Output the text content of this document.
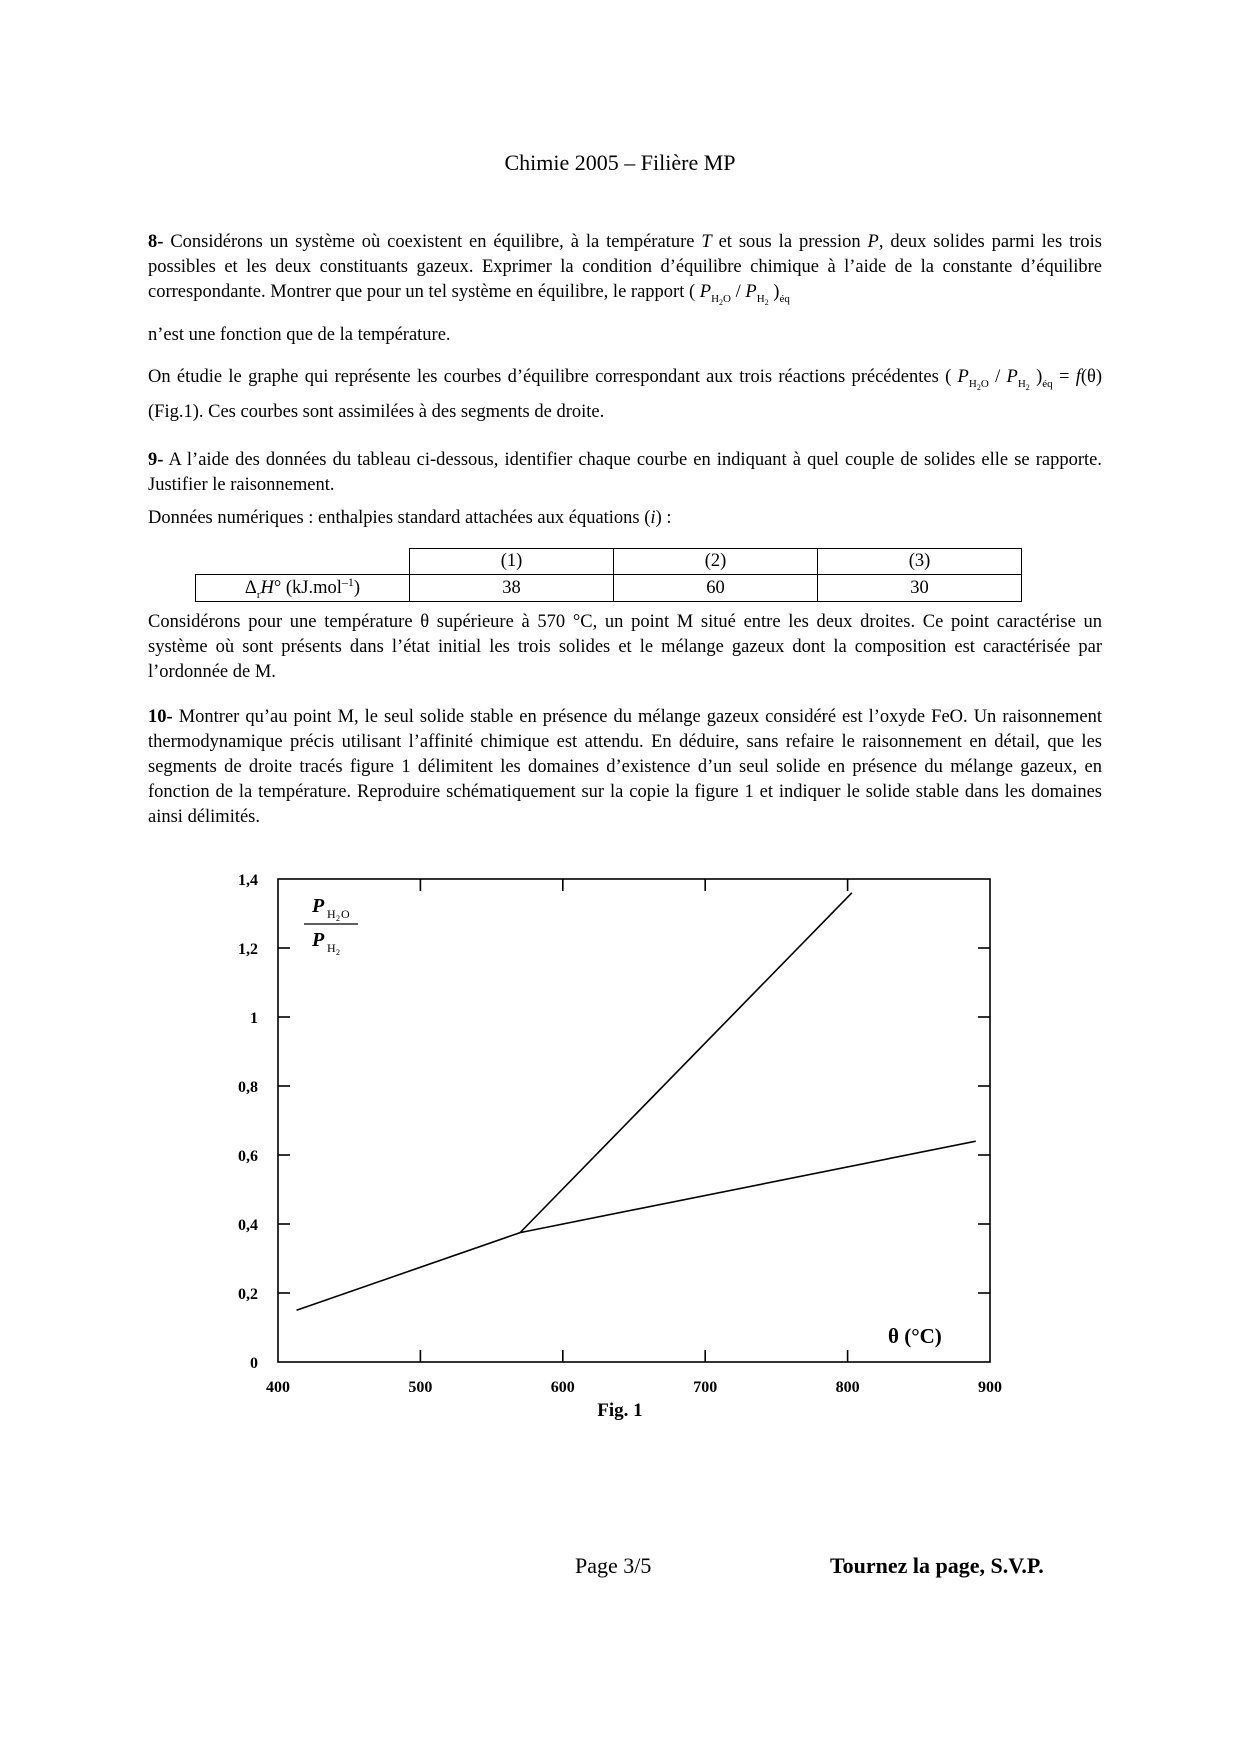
Chimie 2005 – Filière MP
8- Considérons un système où coexistent en équilibre, à la température T et sous la pression P, deux solides parmi les trois possibles et les deux constituants gazeux. Exprimer la condition d’équilibre chimique à l’aide de la constante d’équilibre correspondante. Montrer que pour un tel système en équilibre, le rapport ( $P_{H_2O} / P_{H_2}$ )$_{éq}$
n’est une fonction que de la température.
On étudie le graphe qui représente les courbes d’équilibre correspondant aux trois réactions précédentes ( $P_{H_2O} / P_{H_2}$ )$_{éq} = f(\theta)$ (Fig.1). Ces courbes sont assimilées à des segments de droite.
9- A l’aide des données du tableau ci-dessous, identifier chaque courbe en indiquant à quel couple de solides elle se rapporte. Justifier le raisonnement.
Données numériques : enthalpies standard attachées aux équations (i) :
	(1)	(2)	(3)
$\Delta_rH^\circ$ (kJ.mol$^{-1}$)	38	60	30
Considérons pour une température θ supérieure à 570 °C, un point M situé entre les deux droites. Ce point caractérise un système où sont présents dans l’état initial les trois solides et le mélange gazeux dont la composition est caractérisée par l’ordonnée de M.
10- Montrer qu’au point M, le seul solide stable en présence du mélange gazeux considéré est l’oxyde FeO. Un raisonnement thermodynamique précis utilisant l’affinité chimique est attendu. En déduire, sans refaire le raisonnement en détail, que les segments de droite tracés figure 1 délimitent les domaines d’existence d’un seul solide en présence du mélange gazeux, en fonction de la température. Reproduire schématiquement sur la copie la figure 1 et indiquer le solide stable dans les domaines ainsi délimités.
400	500	600	700	800	900
0
0,2
0,4
0,6
0,8
1
1,2
1,4
P H 2 O
P H 2
θ (°C)
Fig. 1
Page 3/5	Tournez la page, S.V.P.
